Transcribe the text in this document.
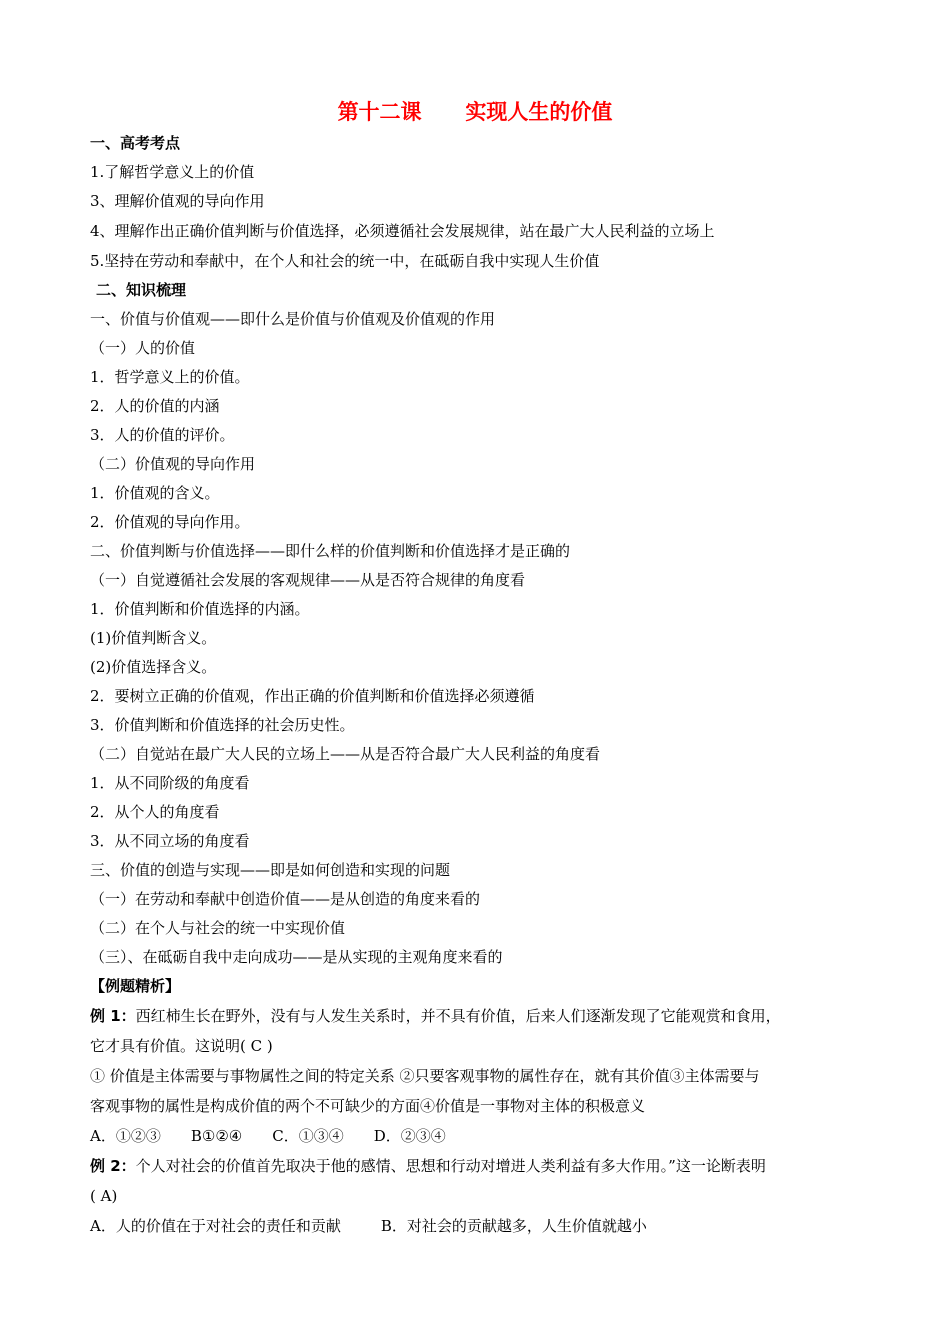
第十二课      实现人生的价值
一、高考考点
1.了解哲学意义上的价值
3、理解价值观的导向作用
4、理解作出正确价值判断与价值选择，必须遵循社会发展规律，站在最广大人民利益的立场上
5.坚持在劳动和奉献中，在个人和社会的统一中，在砥砺自我中实现人生价值
二、知识梳理
一、价值与价值观——即什么是价值与价值观及价值观的作用
（一）人的价值
1．哲学意义上的价值。
2．人的价值的内涵
3．人的价值的评价。
（二）价值观的导向作用
1．价值观的含义。
2．价值观的导向作用。
二、价值判断与价值选择——即什么样的价值判断和价值选择才是正确的
（一）自觉遵循社会发展的客观规律——从是否符合规律的角度看
1．价值判断和价值选择的内涵。
(1)价值判断含义。
(2)价值选择含义。
2．要树立正确的价值观，作出正确的价值判断和价值选择必须遵循
3．价值判断和价值选择的社会历史性。
（二）自觉站在最广大人民的立场上——从是否符合最广大人民利益的角度看
1．从不同阶级的角度看
2．从个人的角度看
3．从不同立场的角度看
三、价值的创造与实现——即是如何创造和实现的问题
（一）在劳动和奉献中创造价值——是从创造的角度来看的
（二）在个人与社会的统一中实现价值
（三）、在砥砺自我中走向成功——是从实现的主观角度来看的
【例题精析】
例 1：西红柿生长在野外，没有与人发生关系时，并不具有价值，后来人们逐渐发现了它能观赏和食用，
它才具有价值。这说明( C )
① 价值是主体需要与事物属性之间的特定关系 ②只要客观事物的属性存在，就有其价值③主体需要与
客观事物的属性是构成价值的两个不可缺少的方面④价值是一事物对主体的积极意义
A．①②③ B①②④ C．①③④ D．②③④
例 2：个人对社会的价值首先取决于他的感情、思想和行动对增进人类利益有多大作用。”这一论断表明
( A)
A．人的价值在于对社会的责任和贡献	B．对社会的贡献越多，人生价值就越小
